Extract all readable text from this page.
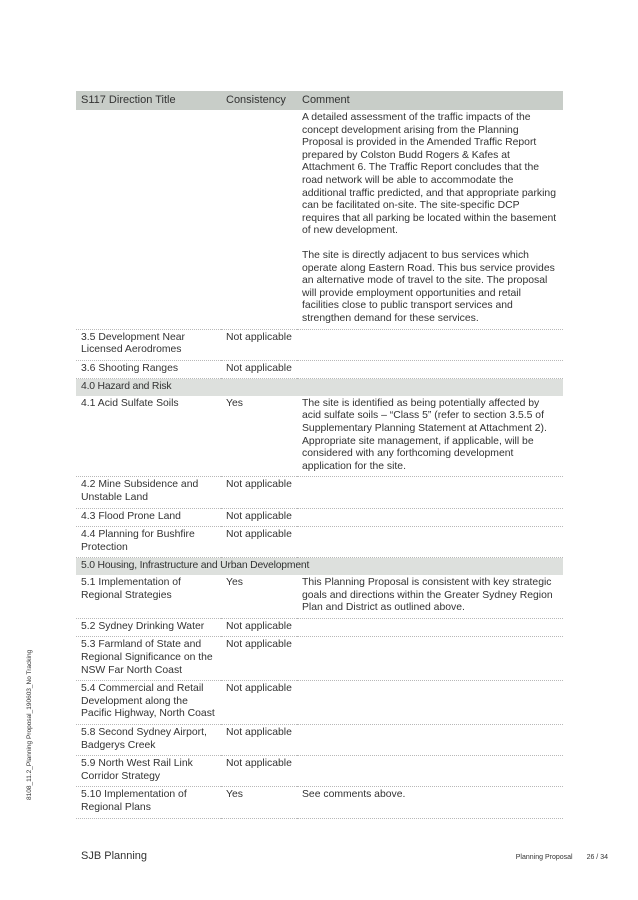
S117 Direction Title	Consistency	Comment

		A detailed assessment of the traffic impacts of the concept development arising from the Planning Proposal is provided in the Amended Traffic Report prepared by Colston Budd Rogers & Kafes at Attachment 6. The Traffic Report concludes that the road network will be able to accommodate the additional traffic predicted, and that appropriate parking can be facilitated on-site. The site-specific DCP requires that all parking be located within the basement of new development.
The site is directly adjacent to bus services which operate along Eastern Road. This bus service provides an alternative mode of travel to the site. The proposal will provide employment opportunities and retail facilities close to public transport services and strengthen demand for these services.

3.5 Development Near Licensed Aerodromes	Not applicable	
3.6 Shooting Ranges	Not applicable	
4.0 Hazard and Risk		
4.1 Acid Sulfate Soils	Yes	The site is identified as being potentially affected by acid sulfate soils – “Class 5” (refer to section 3.5.5 of Supplementary Planning Statement at Attachment 2). Appropriate site management, if applicable, will be considered with any forthcoming development application for the site.

4.2 Mine Subsidence and Unstable Land	Not applicable	
4.3 Flood Prone Land	Not applicable	
4.4 Planning for Bushfire Protection	Not applicable	
5.0 Housing, Infrastructure and Urban Development		
5.1 Implementation of Regional Strategies	Yes	This Planning Proposal is consistent with key strategic goals and directions within the Greater Sydney Region Plan and District as outlined above.

5.2 Sydney Drinking Water	Not applicable	
5.3 Farmland of State and Regional Significance on the NSW Far North Coast	Not applicable	
5.4 Commercial and Retail Development along the Pacific Highway, North Coast	Not applicable	
5.8 Second Sydney Airport, Badgerys Creek	Not applicable	
5.9 North West Rail Link Corridor Strategy	Not applicable	
5.10 Implementation of Regional Plans	Yes	See comments above.
8108_11.2_Planning Proposal_190603_No Tracking
SJB Planning	Planning Proposal 26 / 34
